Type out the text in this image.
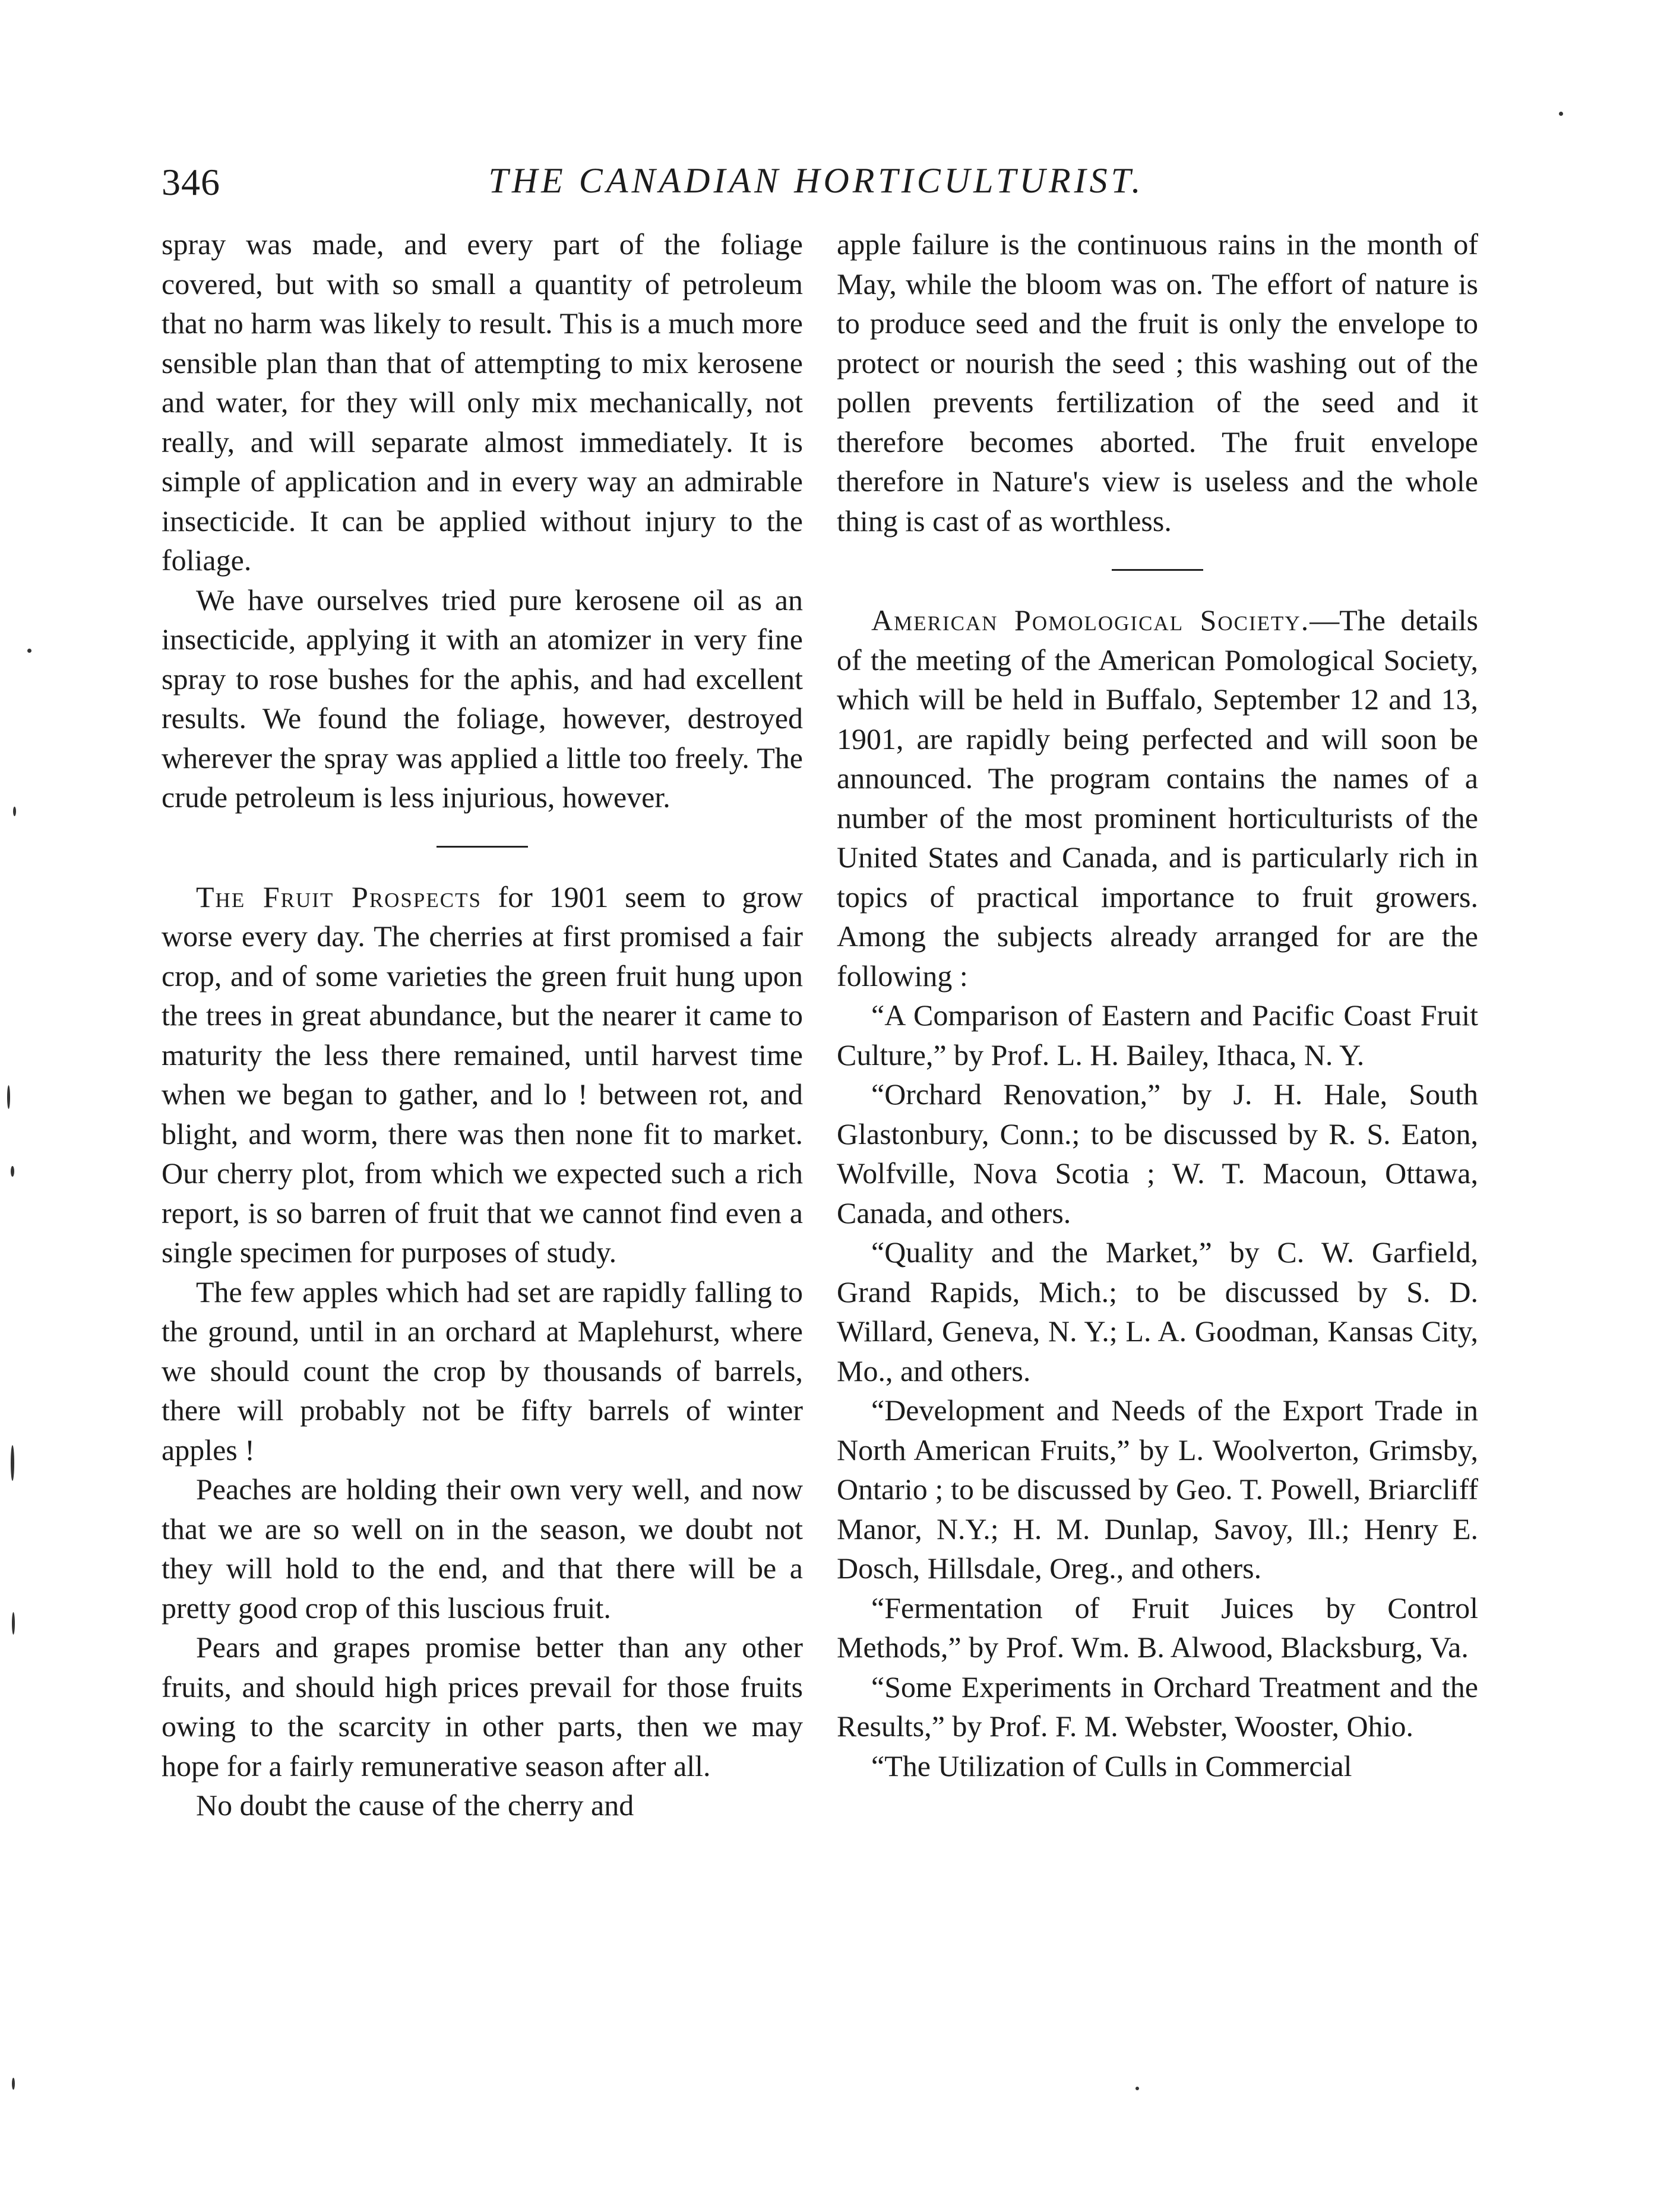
346	THE CANADIAN HORTICULTURIST.

spray was made, and every part of the foliage covered, but with so small a quantity of petroleum that no harm was likely to result. This is a much more sensible plan than that of attempting to mix kerosene and water, for they will only mix mechanically, not really, and will separate almost immediately. It is simple of application and in every way an admirable insecticide. It can be applied without injury to the foliage.

We have ourselves tried pure kerosene oil as an insecticide, applying it with an atomizer in very fine spray to rose bushes for the aphis, and had excellent results. We found the foliage, however, destroyed wherever the spray was applied a little too freely. The crude petroleum is less injurious, however.

The Fruit Prospects for 1901 seem to grow worse every day. The cherries at first promised a fair crop, and of some varieties the green fruit hung upon the trees in great abundance, but the nearer it came to maturity the less there remained, until harvest time when we began to gather, and lo ! between rot, and blight, and worm, there was then none fit to market. Our cherry plot, from which we expected such a rich report, is so barren of fruit that we cannot find even a single specimen for purposes of study.

The few apples which had set are rapidly falling to the ground, until in an orchard at Maplehurst, where we should count the crop by thousands of barrels, there will probably not be fifty barrels of winter apples !

Peaches are holding their own very well, and now that we are so well on in the season, we doubt not they will hold to the end, and that there will be a pretty good crop of this luscious fruit.

Pears and grapes promise better than any other fruits, and should high prices prevail for those fruits owing to the scarcity in other parts, then we may hope for a fairly remunerative season after all.

No doubt the cause of the cherry and

apple failure is the continuous rains in the month of May, while the bloom was on. The effort of nature is to produce seed and the fruit is only the envelope to protect or nourish the seed ; this washing out of the pollen prevents fertilization of the seed and it therefore becomes aborted. The fruit envelope therefore in Nature's view is useless and the whole thing is cast of as worthless.

American Pomological Society.—The details of the meeting of the American Pomological Society, which will be held in Buffalo, September 12 and 13, 1901, are rapidly being perfected and will soon be announced. The program contains the names of a number of the most prominent horticulturists of the United States and Canada, and is particularly rich in topics of practical importance to fruit growers. Among the subjects already arranged for are the following :

“A Comparison of Eastern and Pacific Coast Fruit Culture,” by Prof. L. H. Bailey, Ithaca, N. Y.

“Orchard Renovation,” by J. H. Hale, South Glastonbury, Conn.; to be discussed by R. S. Eaton, Wolfville, Nova Scotia ; W. T. Macoun, Ottawa, Canada, and others.

“Quality and the Market,” by C. W. Garfield, Grand Rapids, Mich.; to be discussed by S. D. Willard, Geneva, N. Y.; L. A. Goodman, Kansas City, Mo., and others.

“Development and Needs of the Export Trade in North American Fruits,” by L. Woolverton, Grimsby, Ontario ; to be discussed by Geo. T. Powell, Briarcliff Manor, N.Y.; H. M. Dunlap, Savoy, Ill.; Henry E. Dosch, Hillsdale, Oreg., and others.

“Fermentation of Fruit Juices by Control Methods,” by Prof. Wm. B. Alwood, Blacksburg, Va.

“Some Experiments in Orchard Treatment and the Results,” by Prof. F. M. Webster, Wooster, Ohio.

“The Utilization of Culls in Commercial
